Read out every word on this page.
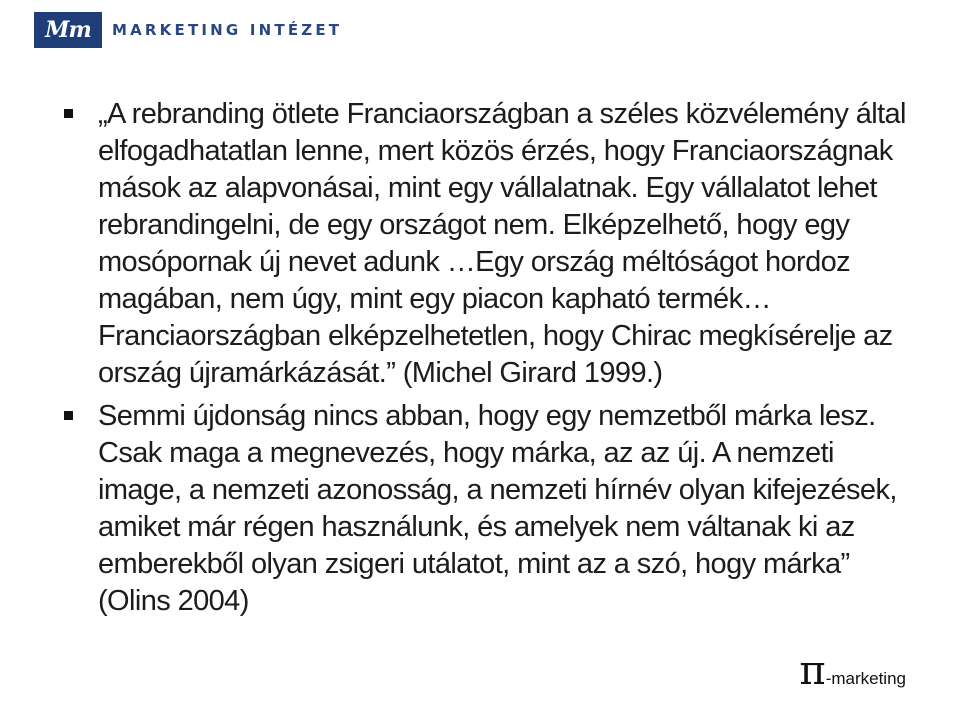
Mm	MARKETING INTÉZET
„A rebranding ötlete Franciaországban a széles közvélemény által elfogadhatatlan lenne, mert közös érzés, hogy Franciaországnak mások az alapvonásai, mint egy vállalatnak. Egy vállalatot lehet rebrandingelni, de egy országot nem. Elképzelhető, hogy egy mosópornak új nevet adunk …Egy ország méltóságot hordoz magában, nem úgy, mint egy piacon kapható termék… Franciaországban elképzelhetetlen, hogy Chirac megkísérelje az ország újramárkázását.” (Michel Girard 1999.)
Semmi újdonság nincs abban, hogy egy nemzetből márka lesz. Csak maga a megnevezés, hogy márka, az az új. A nemzeti image, a nemzeti azonosság, a nemzeti hírnév olyan kifejezések, amiket már régen használunk, és amelyek nem váltanak ki az emberekből olyan zsigeri utálatot, mint az a szó, hogy márka” (Olins 2004)
π -marketing
